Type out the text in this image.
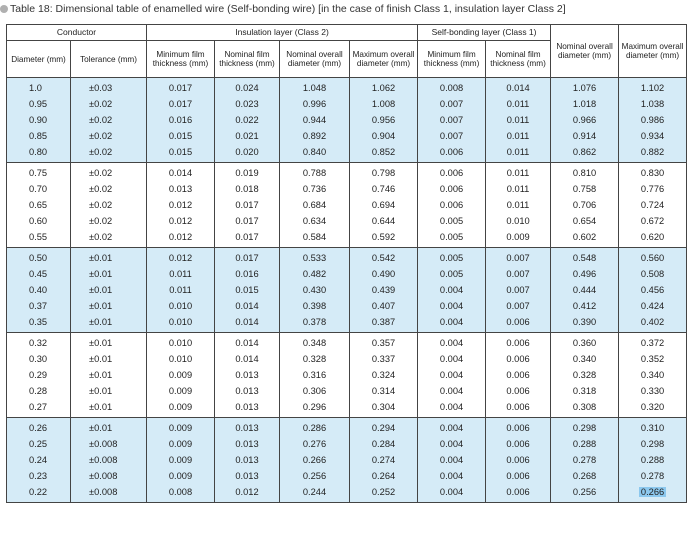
Table 18: Dimensional table of enamelled wire (Self-bonding wire) [in the case of finish Class 1, insulation layer Class 2]
Conductor		Insulation layer (Class 2)				Self-bonding layer (Class 1)		Nominal overall diameter (mm)	Maximum overall diameter (mm)
Diameter (mm)	Tolerance (mm)	Minimum film thickness (mm)	Nominal film thickness (mm)	Nominal overall diameter (mm)	Maximum overall diameter (mm)	Minimum film thickness (mm)	Nominal film thickness (mm)		
1.0	±0.03	0.017	0.024	1.048	1.062	0.008	0.014	1.076	1.102
0.95	±0.02	0.017	0.023	0.996	1.008	0.007	0.011	1.018	1.038
0.90	±0.02	0.016	0.022	0.944	0.956	0.007	0.011	0.966	0.986
0.85	±0.02	0.015	0.021	0.892	0.904	0.007	0.011	0.914	0.934
0.80	±0.02	0.015	0.020	0.840	0.852	0.006	0.011	0.862	0.882
0.75	±0.02	0.014	0.019	0.788	0.798	0.006	0.011	0.810	0.830
0.70	±0.02	0.013	0.018	0.736	0.746	0.006	0.011	0.758	0.776
0.65	±0.02	0.012	0.017	0.684	0.694	0.006	0.011	0.706	0.724
0.60	±0.02	0.012	0.017	0.634	0.644	0.005	0.010	0.654	0.672
0.55	±0.02	0.012	0.017	0.584	0.592	0.005	0.009	0.602	0.620
0.50	±0.01	0.012	0.017	0.533	0.542	0.005	0.007	0.548	0.560
0.45	±0.01	0.011	0.016	0.482	0.490	0.005	0.007	0.496	0.508
0.40	±0.01	0.011	0.015	0.430	0.439	0.004	0.007	0.444	0.456
0.37	±0.01	0.010	0.014	0.398	0.407	0.004	0.007	0.412	0.424
0.35	±0.01	0.010	0.014	0.378	0.387	0.004	0.006	0.390	0.402
0.32	±0.01	0.010	0.014	0.348	0.357	0.004	0.006	0.360	0.372
0.30	±0.01	0.010	0.014	0.328	0.337	0.004	0.006	0.340	0.352
0.29	±0.01	0.009	0.013	0.316	0.324	0.004	0.006	0.328	0.340
0.28	±0.01	0.009	0.013	0.306	0.314	0.004	0.006	0.318	0.330
0.27	±0.01	0.009	0.013	0.296	0.304	0.004	0.006	0.308	0.320
0.26	±0.01	0.009	0.013	0.286	0.294	0.004	0.006	0.298	0.310
0.25	±0.008	0.009	0.013	0.276	0.284	0.004	0.006	0.288	0.298
0.24	±0.008	0.009	0.013	0.266	0.274	0.004	0.006	0.278	0.288
0.23	±0.008	0.009	0.013	0.256	0.264	0.004	0.006	0.268	0.278
0.22	±0.008	0.008	0.012	0.244	0.252	0.004	0.006	0.256	0.266
